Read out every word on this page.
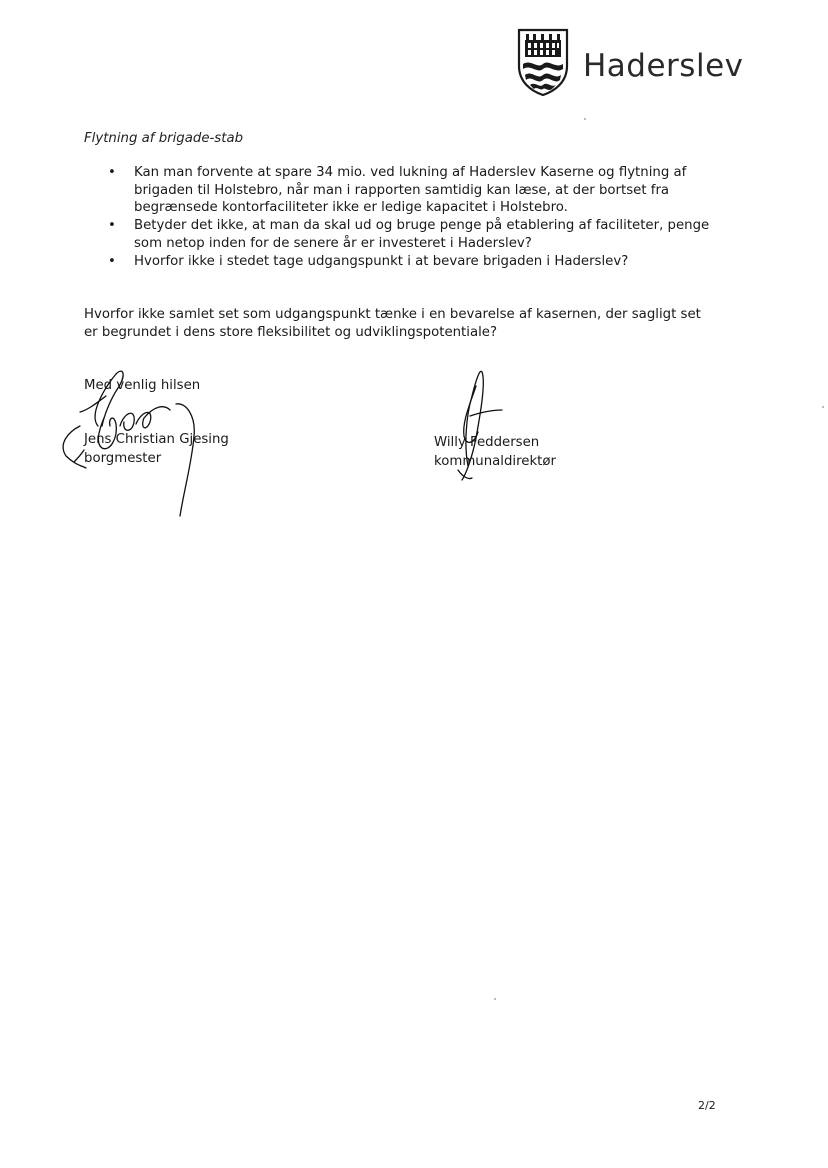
Haderslev
Flytning af brigade-stab
• Kan man forvente at spare 34 mio. ved lukning af Haderslev Kaserne og flytning af brigaden til Holstebro, når man i rapporten samtidig kan læse, at der bortset fra begrænsede kontorfaciliteter ikke er ledige kapacitet i Holstebro.
• Betyder det ikke, at man da skal ud og bruge penge på etablering af faciliteter, penge som netop inden for de senere år er investeret i Haderslev?
• Hvorfor ikke i stedet tage udgangspunkt i at bevare brigaden i Haderslev?

Hvorfor ikke samlet set som udgangspunkt tænke i en bevarelse af kasernen, der sagligt set er begrundet i dens store fleksibilitet og udviklingspotentiale?

Med venlig hilsen
Jens Christian Gjesing
borgmester
Willy Feddersen
kommunaldirektør
2/2
